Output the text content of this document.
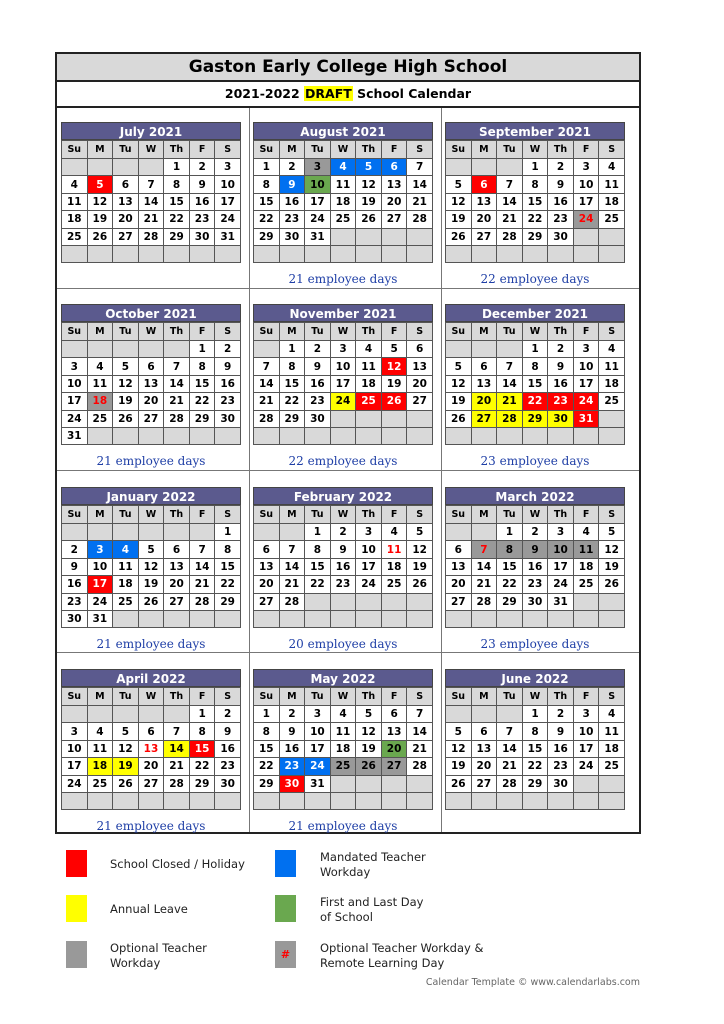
Gaston Early College High School
2021-2022 DRAFT School Calendar
July 2021
Su	M	Tu	W	Th	F	S
				1	2	3
4	5	6	7	8	9	10
11	12	13	14	15	16	17
18	19	20	21	22	23	24
25	26	27	28	29	30	31

August 2021
Su	M	Tu	W	Th	F	S
1	2	3	4	5	6	7
8	9	10	11	12	13	14
15	16	17	18	19	20	21
22	23	24	25	26	27	28
29	30	31				

21 employee days
September 2021
Su	M	Tu	W	Th	F	S
			1	2	3	4
5	6	7	8	9	10	11
12	13	14	15	16	17	18
19	20	21	22	23	24	25
26	27	28	29	30		

22 employee days
October 2021
Su	M	Tu	W	Th	F	S
					1	2
3	4	5	6	7	8	9
10	11	12	13	14	15	16
17	18	19	20	21	22	23
24	25	26	27	28	29	30
31						
21 employee days
November 2021
Su	M	Tu	W	Th	F	S
	1	2	3	4	5	6
7	8	9	10	11	12	13
14	15	16	17	18	19	20
21	22	23	24	25	26	27
28	29	30				

22 employee days
December 2021
Su	M	Tu	W	Th	F	S
			1	2	3	4
5	6	7	8	9	10	11
12	13	14	15	16	17	18
19	20	21	22	23	24	25
26	27	28	29	30	31	

23 employee days
January 2022
Su	M	Tu	W	Th	F	S
						1
2	3	4	5	6	7	8
9	10	11	12	13	14	15
16	17	18	19	20	21	22
23	24	25	26	27	28	29
30	31					
21 employee days
February 2022
Su	M	Tu	W	Th	F	S
		1	2	3	4	5
6	7	8	9	10	11	12
13	14	15	16	17	18	19
20	21	22	23	24	25	26
27	28					

20 employee days
March 2022
Su	M	Tu	W	Th	F	S
		1	2	3	4	5
6	7	8	9	10	11	12
13	14	15	16	17	18	19
20	21	22	23	24	25	26
27	28	29	30	31		

23 employee days
April 2022
Su	M	Tu	W	Th	F	S
					1	2
3	4	5	6	7	8	9
10	11	12	13	14	15	16
17	18	19	20	21	22	23
24	25	26	27	28	29	30

21 employee days
May 2022
Su	M	Tu	W	Th	F	S
1	2	3	4	5	6	7
8	9	10	11	12	13	14
15	16	17	18	19	20	21
22	23	24	25	26	27	28
29	30	31				

21 employee days
June 2022
Su	M	Tu	W	Th	F	S
			1	2	3	4
5	6	7	8	9	10	11
12	13	14	15	16	17	18
19	20	21	22	23	24	25
26	27	28	29	30		

School Closed / Holiday	Mandated Teacher Workday
Annual Leave	First and Last Day of School
Optional Teacher Workday
#	Optional Teacher Workday & Remote Learning Day
Calendar Template © www.calendarlabs.com
